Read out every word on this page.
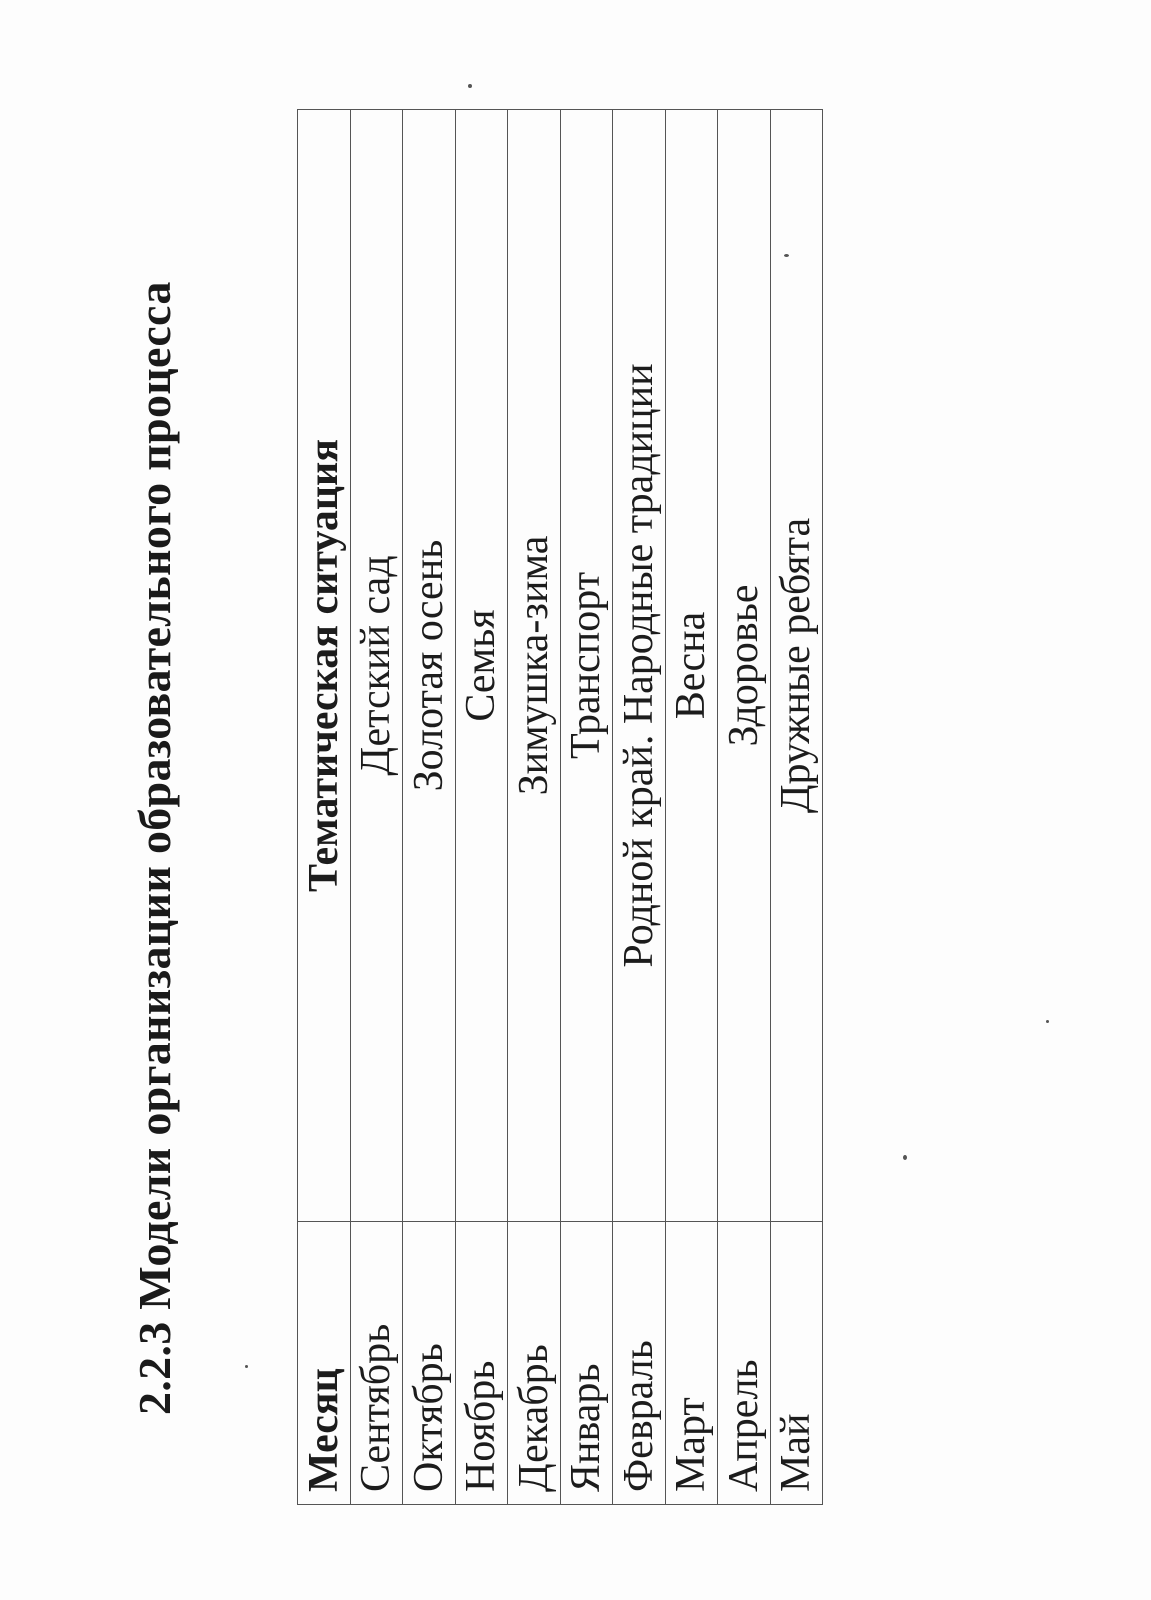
2.2.3 Модели организации образовательного процесса
Месяц	Тематическая ситуация
Сентябрь	Детский сад
Октябрь	Золотая осень
Ноябрь	Семья
Декабрь	Зимушка-зима
Январь	Транспорт
Февраль	Родной край. Народные традиции
Март	Весна
Апрель	Здоровье
Май	Дружные ребята
